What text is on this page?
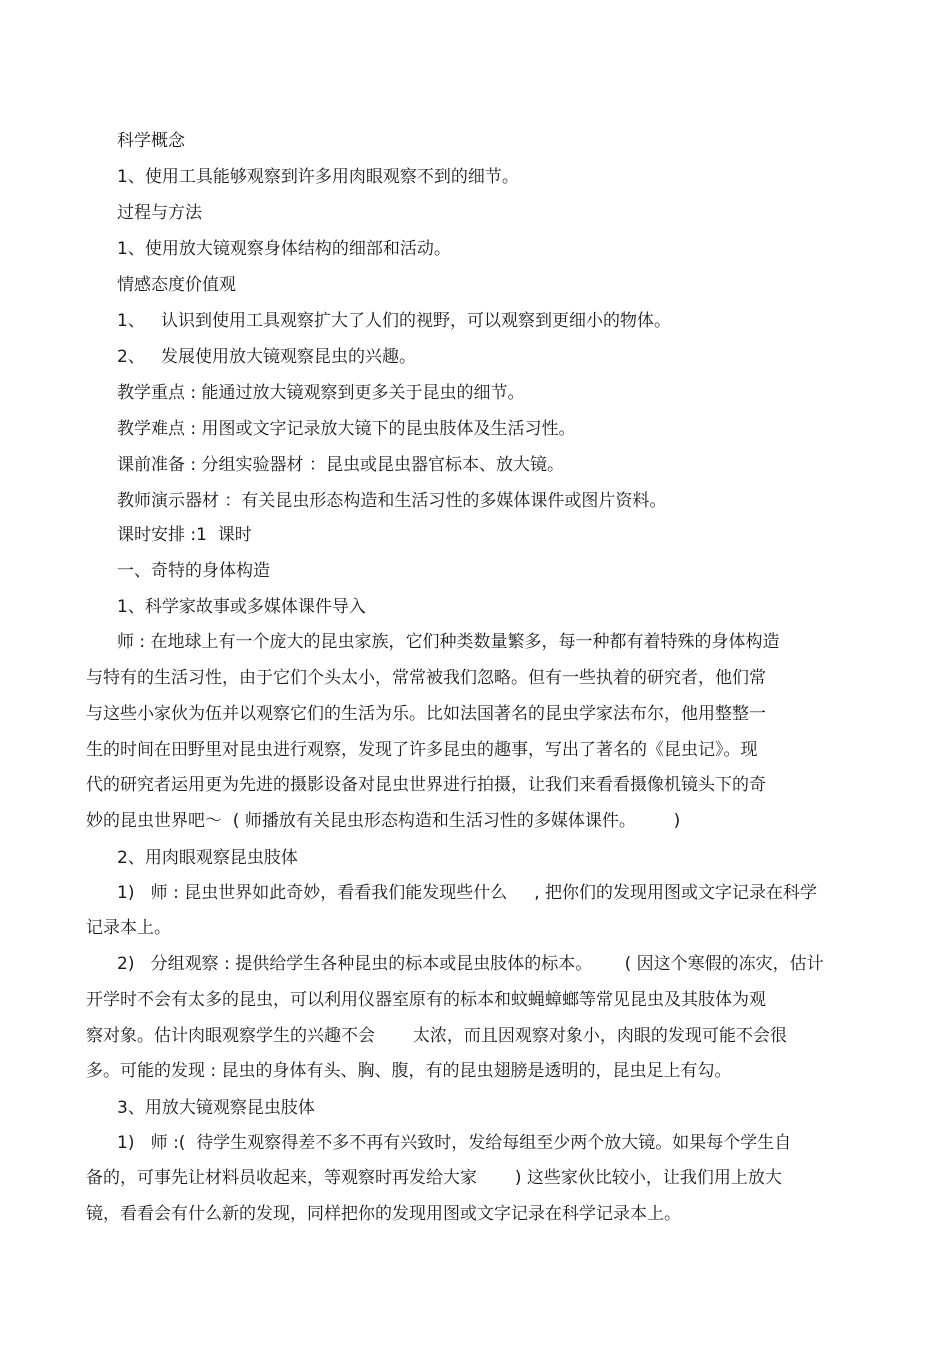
科学概念
1、使用工具能够观察到许多用肉眼观察不到的细节。
过程与方法
1、使用放大镜观察身体结构的细部和活动。
情感态度价值观
1、   认识到使用工具观察扩大了人们的视野，可以观察到更细小的物体。
2、   发展使用放大镜观察昆虫的兴趣。
教学重点 : 能通过放大镜观察到更多关于昆虫的细节。
教学难点 : 用图或文字记录放大镜下的昆虫肢体及生活习性。
课前准备 : 分组实验器材 ：昆虫或昆虫器官标本、放大镜。
教师演示器材 ：有关昆虫形态构造和生活习性的多媒体课件或图片资料。
课时安排 :1  课时
一、奇特的身体构造
1、科学家故事或多媒体课件导入
师 : 在地球上有一个庞大的昆虫家族，它们种类数量繁多，每一种都有着特殊的身体构造
与特有的生活习性，由于它们个头太小，常常被我们忽略。但有一些执着的研究者，他们常
与这些小家伙为伍并以观察它们的生活为乐。比如法国著名的昆虫学家法布尔，他用整整一
生的时间在田野里对昆虫进行观察，发现了许多昆虫的趣事，写出了著名的《昆虫记》。现
代的研究者运用更为先进的摄影设备对昆虫世界进行拍摄，让我们来看看摄像机镜头下的奇
妙的昆虫世界吧～  ( 师播放有关昆虫形态构造和生活习性的多媒体课件。       )
2、用肉眼观察昆虫肢体
1)   师 : 昆虫世界如此奇妙，看看我们能发现些什么     , 把你们的发现用图或文字记录在科学
记录本上。
2)   分组观察 : 提供给学生各种昆虫的标本或昆虫肢体的标本。      ( 因这个寒假的冻灾，估计
开学时不会有太多的昆虫，可以利用仪器室原有的标本和蚊蝇蟑螂等常见昆虫及其肢体为观
察对象。估计肉眼观察学生的兴趣不会       太浓，而且因观察对象小，肉眼的发现可能不会很
多。可能的发现 : 昆虫的身体有头、胸、腹，有的昆虫翅膀是透明的，昆虫足上有勾。
3、用放大镜观察昆虫肢体
1)   师 :(  待学生观察得差不多不再有兴致时，发给每组至少两个放大镜。如果每个学生自
备的，可事先让材料员收起来，等观察时再发给大家       ) 这些家伙比较小，让我们用上放大
镜，看看会有什么新的发现，同样把你的发现用图或文字记录在科学记录本上。
